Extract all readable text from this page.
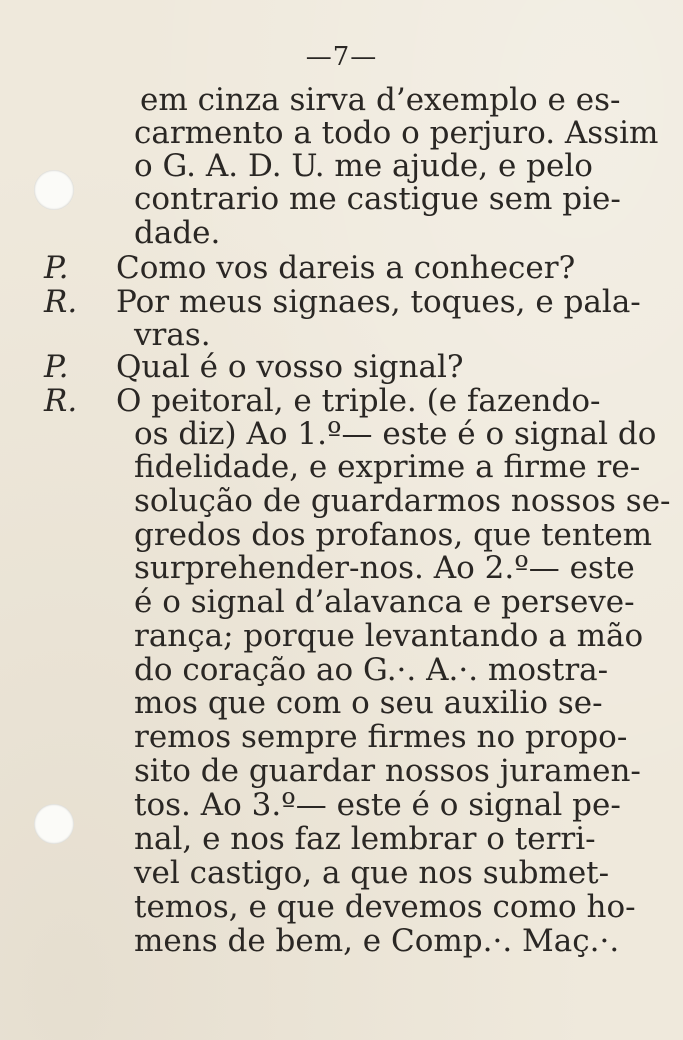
—7—
P.
R.
P.
R.
em cinza sirva d’exemplo e es-
carmento a todo o perjuro. Assim
o G. A. D. U. me ajude, e pelo
contrario me castigue sem pie-
dade.
Como vos dareis a conhecer?
Por meus signaes, toques, e pala-
vras.
Qual é o vosso signal?
O peitoral, e triple. (e fazendo-
os diz) Ao 1.º— este é o signal do
fidelidade, e exprime a firme re-
solução de guardarmos nossos se-
gredos dos profanos, que tentem
surprehender-nos. Ao 2.º— este
é o signal d’alavanca e perseve-
rança; porque levantando a mão
do coração ao G.·. A.·. mostra-
mos que com o seu auxilio se-
remos sempre firmes no propo-
sito de guardar nossos juramen-
tos. Ao 3.º— este é o signal pe-
nal, e nos faz lembrar o terri-
vel castigo, a que nos submet-
temos, e que devemos como ho-
mens de bem, e Comp.·. Maç.·.
